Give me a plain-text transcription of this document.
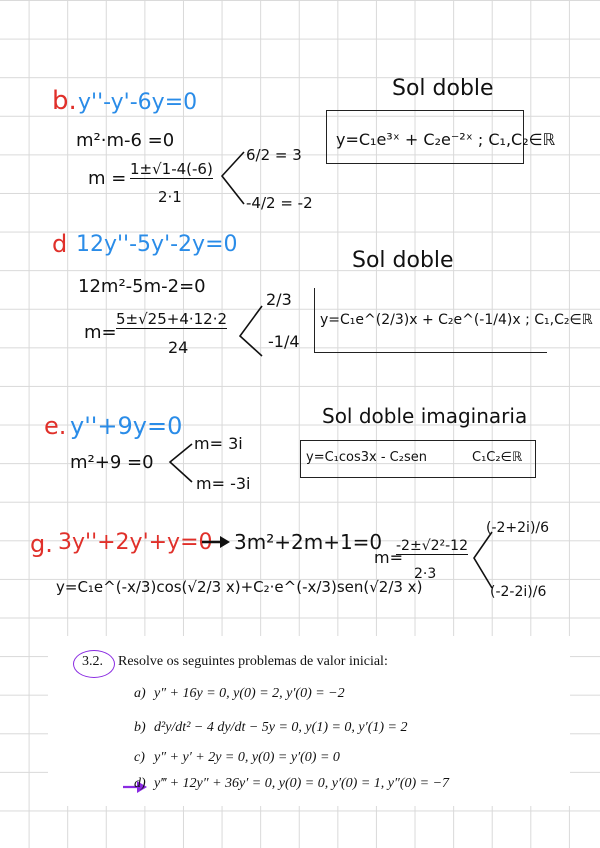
b. y''-y'-6y=0
m²·m-6 =0
m = 1±√1-4(-6)
2·1
6/2 = 3
-4/2 = -2
Sol doble
y=C₁e³ˣ + C₂e⁻²ˣ ; C₁,C₂∈ℝ
d 12y''-5y'-2y=0
12m²-5m-2=0
m=
5±√25+4·12·2
24
2/3
-1/4
Sol doble
y=C₁e^(2/3)x + C₂e^(-1/4)x ; C₁,C₂∈ℝ
e. y''+9y=0
m²+9 =0
m= 3i
m= -3i
Sol doble imaginaria
y=C₁cos3x - C₂sen	C₁C₂∈ℝ
g. 3y''+2y'+y=0 3m²+2m+1=0
m=
-2±√2²-12
2·3
(-2+2i)/6
(-2-2i)/6
y=C₁e^(-x/3)cos(√2/3 x)+C₂·e^(-x/3)sen(√2/3 x)
3.2. Resolve os seguintes problemas de valor inicial:
a) y″ + 16y = 0, y(0) = 2, y′(0) = −2
b) d²y/dt² − 4 dy/dt − 5y = 0, y(1) = 0, y′(1) = 2
c) y″ + y′ + 2y = 0, y(0) = y′(0) = 0
d) y‴ + 12y″ + 36y′ = 0, y(0) = 0, y′(0) = 1, y″(0) = −7
